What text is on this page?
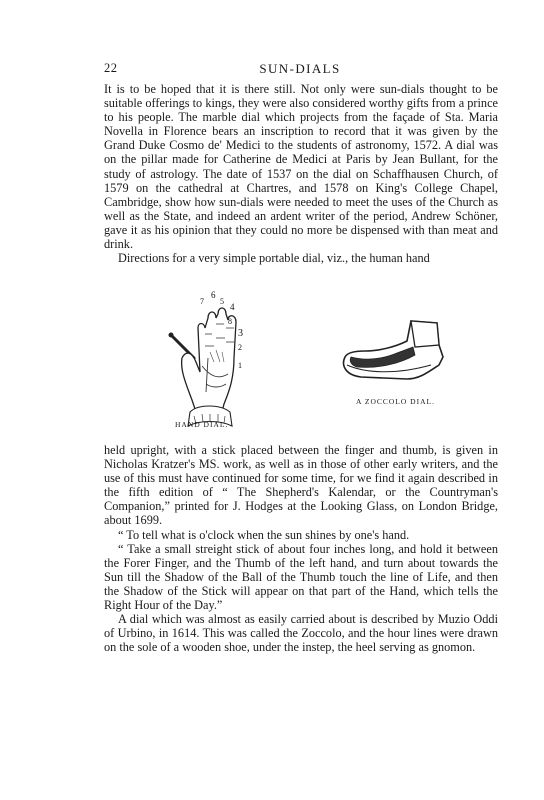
22	SUN-DIALS

It is to be hoped that it is there still. Not only were sun-dials thought to be suitable offerings to kings, they were also considered worthy gifts from a prince to his people. The marble dial which projects from the façade of Sta. Maria Novella in Florence bears an inscription to record that it was given by the Grand Duke Cosmo de' Medici to the students of astronomy, 1572. A dial was on the pillar made for Catherine de Medici at Paris by Jean Bullant, for the study of astrology. The date of 1537 on the dial on Schaffhausen Church, of 1579 on the cathedral at Chartres, and 1578 on King's College Chapel, Cambridge, show how sun-dials were needed to meet the uses of the Church as well as the State, and indeed an ardent writer of the period, Andrew Schöner, gave it as his opinion that they could no more be dispensed with than meat and drink.

Directions for a very simple portable dial, viz., the human hand

6
7 5
4
8
3
2
1
HAND DIAL.
A ZOCCOLO DIAL.

held upright, with a stick placed between the finger and thumb, is given in Nicholas Kratzer's MS. work, as well as in those of other early writers, and the use of this must have continued for some time, for we find it again described in the fifth edition of “ The Shepherd's Kalendar, or the Countryman's Companion,” printed for J. Hodges at the Looking Glass, on London Bridge, about 1699.

“ To tell what is o'clock when the sun shines by one's hand.

“ Take a small streight stick of about four inches long, and hold it between the Forer Finger, and the Thumb of the left hand, and turn about towards the Sun till the Shadow of the Ball of the Thumb touch the line of Life, and then the Shadow of the Stick will appear on that part of the Hand, which tells the Right Hour of the Day.”

A dial which was almost as easily carried about is described by Muzio Oddi of Urbino, in 1614. This was called the Zoccolo, and the hour lines were drawn on the sole of a wooden shoe, under the instep, the heel serving as gnomon.
